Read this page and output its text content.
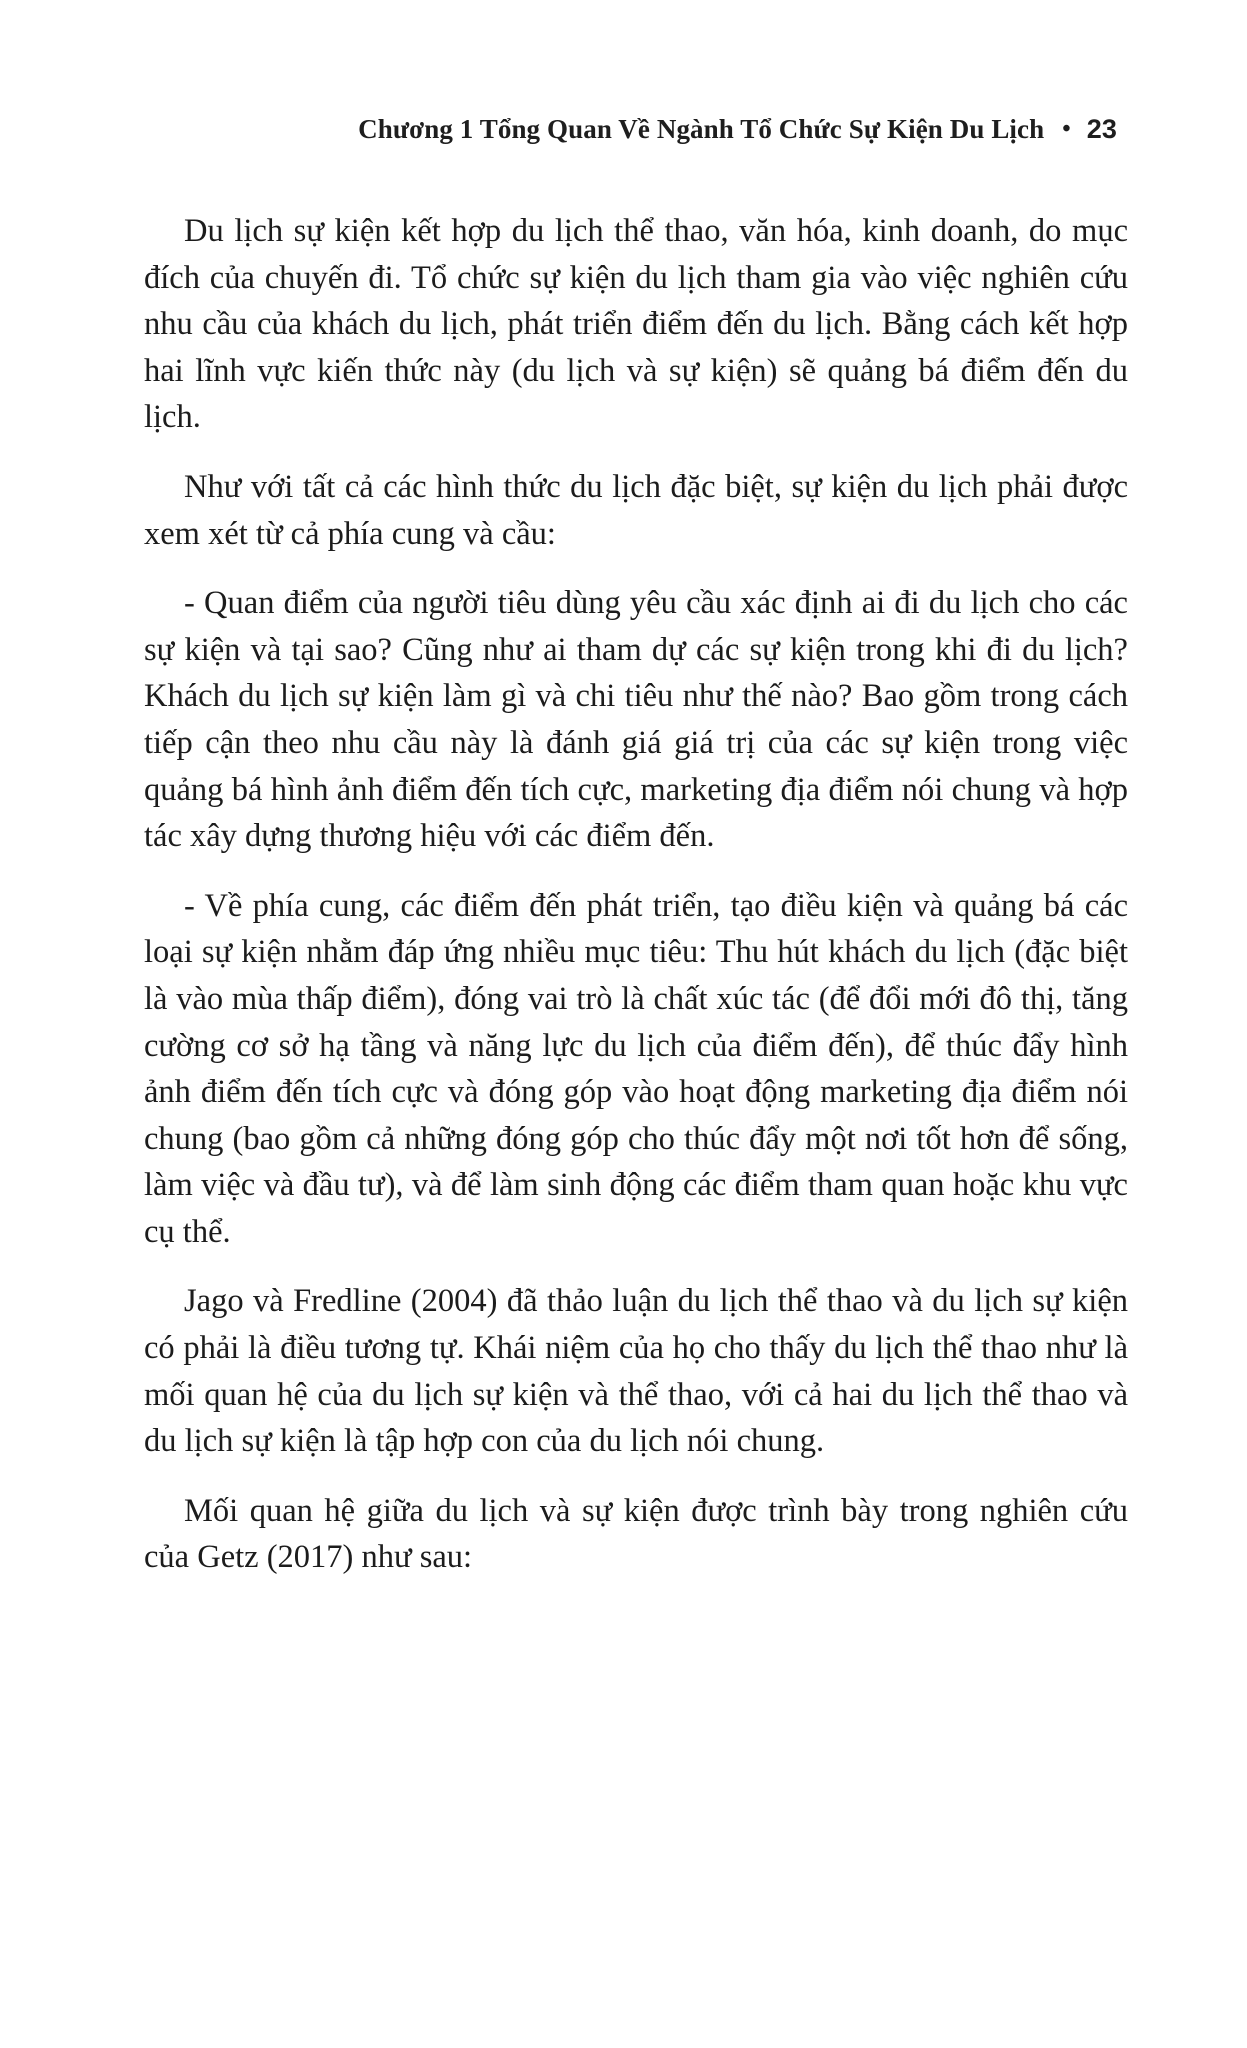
Chương 1 Tổng Quan Về Ngành Tổ Chức Sự Kiện Du Lịch • 23

Du lịch sự kiện kết hợp du lịch thể thao, văn hóa, kinh doanh, do mục đích của chuyến đi. Tổ chức sự kiện du lịch tham gia vào việc nghiên cứu nhu cầu của khách du lịch, phát triển điểm đến du lịch. Bằng cách kết hợp hai lĩnh vực kiến thức này (du lịch và sự kiện) sẽ quảng bá điểm đến du lịch.

Như với tất cả các hình thức du lịch đặc biệt, sự kiện du lịch phải được xem xét từ cả phía cung và cầu:

- Quan điểm của người tiêu dùng yêu cầu xác định ai đi du lịch cho các sự kiện và tại sao? Cũng như ai tham dự các sự kiện trong khi đi du lịch? Khách du lịch sự kiện làm gì và chi tiêu như thế nào? Bao gồm trong cách tiếp cận theo nhu cầu này là đánh giá giá trị của các sự kiện trong việc quảng bá hình ảnh điểm đến tích cực, marketing địa điểm nói chung và hợp tác xây dựng thương hiệu với các điểm đến.

- Về phía cung, các điểm đến phát triển, tạo điều kiện và quảng bá các loại sự kiện nhằm đáp ứng nhiều mục tiêu: Thu hút khách du lịch (đặc biệt là vào mùa thấp điểm), đóng vai trò là chất xúc tác (để đổi mới đô thị, tăng cường cơ sở hạ tầng và năng lực du lịch của điểm đến), để thúc đẩy hình ảnh điểm đến tích cực và đóng góp vào hoạt động marketing địa điểm nói chung (bao gồm cả những đóng góp cho thúc đẩy một nơi tốt hơn để sống, làm việc và đầu tư), và để làm sinh động các điểm tham quan hoặc khu vực cụ thể.

Jago và Fredline (2004) đã thảo luận du lịch thể thao và du lịch sự kiện có phải là điều tương tự. Khái niệm của họ cho thấy du lịch thể thao như là mối quan hệ của du lịch sự kiện và thể thao, với cả hai du lịch thể thao và du lịch sự kiện là tập hợp con của du lịch nói chung.

Mối quan hệ giữa du lịch và sự kiện được trình bày trong nghiên cứu của Getz (2017) như sau:
